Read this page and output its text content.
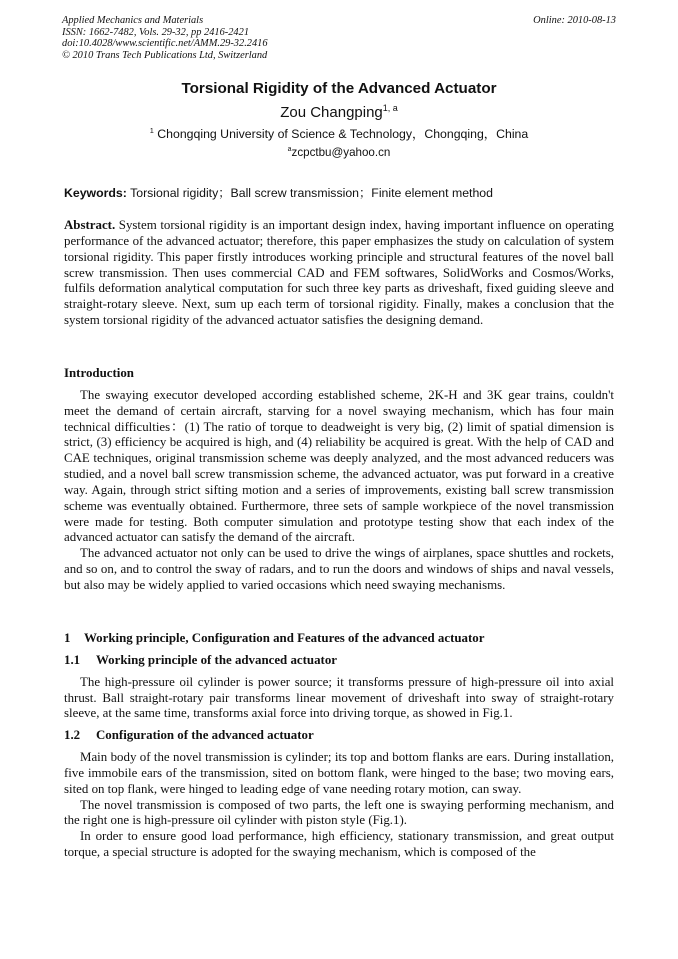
Applied Mechanics and Materials
ISSN: 1662-7482, Vols. 29-32, pp 2416-2421
doi:10.4028/www.scientific.net/AMM.29-32.2416
© 2010 Trans Tech Publications Ltd, Switzerland
Online: 2010-08-13
Torsional Rigidity of the Advanced Actuator
Zou Changping$^{1, a}$
$^1$ Chongqing University of Science & Technology，Chongqing，China
$^a$zcpctbu@yahoo.cn
Keywords: Torsional rigidity；Ball screw transmission；Finite element method

Abstract. System torsional rigidity is an important design index, having important influence on operating performance of the advanced actuator; therefore, this paper emphasizes the study on calculation of system torsional rigidity. This paper firstly introduces working principle and structural features of the novel ball screw transmission. Then uses commercial CAD and FEM softwares, SolidWorks and Cosmos/Works, fulfils deformation analytical computation for such three key parts as driveshaft, fixed guiding sleeve and straight-rotary sleeve. Next, sum up each term of torsional rigidity. Finally, makes a conclusion that the system torsional rigidity of the advanced actuator satisfies the designing demand.

Introduction

The swaying executor developed according established scheme, 2K-H and 3K gear trains, couldn't meet the demand of certain aircraft, starving for a novel swaying mechanism, which has four main technical difficulties：(1) The ratio of torque to deadweight is very big, (2) limit of spatial dimension is strict, (3) efficiency be acquired is high, and (4) reliability be acquired is great. With the help of CAD and CAE techniques, original transmission scheme was deeply analyzed, and the most advanced reducers was studied, and a novel ball screw transmission scheme, the advanced actuator, was put forward in a creative way. Again, through strict sifting motion and a series of improvements, existing ball screw transmission scheme was eventually obtained. Furthermore, three sets of sample workpiece of the novel transmission were made for testing. Both computer simulation and prototype testing show that each index of the advanced actuator can satisfy the demand of the aircraft.

The advanced actuator not only can be used to drive the wings of airplanes, space shuttles and rockets, and so on, and to control the sway of radars, and to run the doors and windows of ships and naval vessels, but also may be widely applied to varied occasions which need swaying mechanisms.

1 Working principle, Configuration and Features of the advanced actuator

1.1 Working principle of the advanced actuator

The high-pressure oil cylinder is power source; it transforms pressure of high-pressure oil into axial thrust. Ball straight-rotary pair transforms linear movement of driveshaft into sway of straight-rotary sleeve, at the same time, transforms axial force into driving torque, as showed in Fig.1.

1.2 Configuration of the advanced actuator

Main body of the novel transmission is cylinder; its top and bottom flanks are ears. During installation, five immobile ears of the transmission, sited on bottom flank, were hinged to the base; two moving ears, sited on top flank, were hinged to leading edge of vane needing rotary motion, can sway.

The novel transmission is composed of two parts, the left one is swaying performing mechanism, and the right one is high-pressure oil cylinder with piston style (Fig.1).

In order to ensure good load performance, high efficiency, stationary transmission, and great output torque, a special structure is adopted for the swaying mechanism, which is composed of the
